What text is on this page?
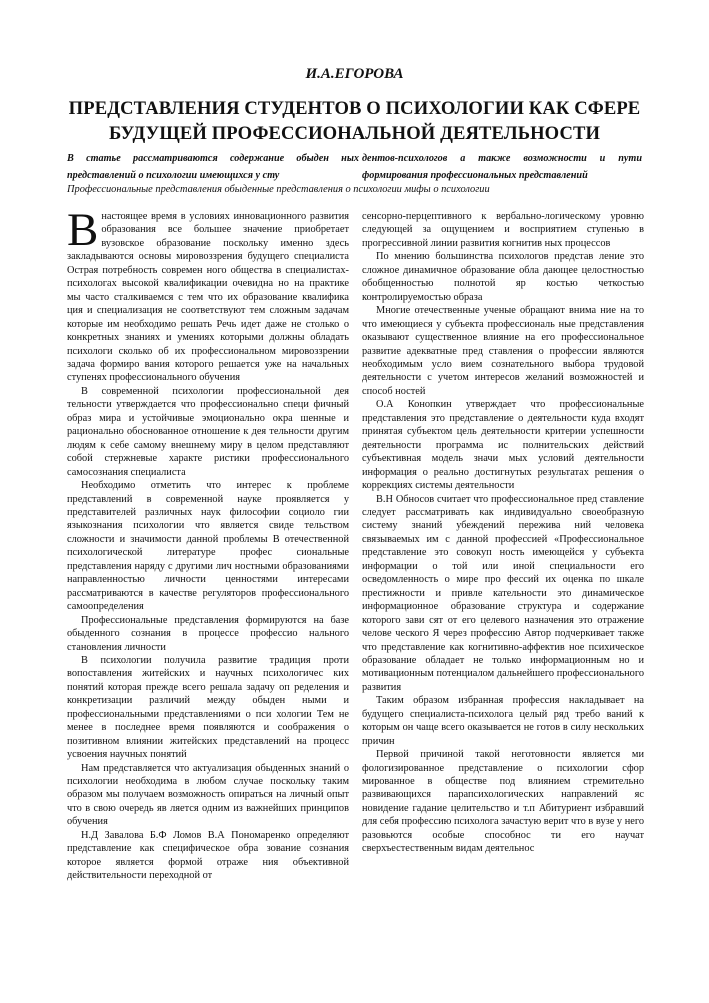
И.А.ЕГОРОВА
ПРЕДСТАВЛЕНИЯ СТУДЕНТОВ О ПСИХОЛОГИИ КАК СФЕРЕ БУДУЩЕЙ ПРОФЕССИОНАЛЬНОЙ ДЕЯТЕЛЬНОСТИ

В статье рассматриваются содержание обыден ных представлений о психологии имеющихся у сту

дентов-психологов а также возможности и пути формирования профессиональных представлений

Профессиональные представления обыденные представления о психологии мифы о психологии

Внастоящее время в условиях инновационного развития образования все большее значение приобретает вузовское образование поскольку именно здесь закладываются основы мировоззрения будущего специалиста Острая потребность современ ного общества в специалистах-психологах высокой квалификации очевидна но на практике мы часто сталкиваемся с тем что их образование квалифика ция и специализация не соответствуют тем сложным задачам которые им необходимо решать Речь идет даже не столько о конкретных знаниях и умениях которыми должны обладать психологи сколько об их профессиональном мировоззрении задача формиро вания которого решается уже на начальных ступенях профессионального обучения

В современной психологии профессиональной дея тельности утверждается что профессионально специ фичный образ мира и устойчивые эмоционально окра шенные и рационально обоснованное отношение к дея тельности другим людям к себе самому внешнему миру в целом представляют собой стержневые характе ристики профессионального самосознания специалиста

Необходимо отметить что интерес к проблеме представлений в современной науке проявляется у представителей различных наук философии социоло гии языкознания психологии что является свиде тельством сложности и значимости данной проблемы В отечественной психологической литературе профес сиональные представления наряду с другими лич ностными образованиями направленностью личности ценностями интересами рассматриваются в качестве регуляторов профессионального самоопределения

Профессиональные представления формируются на базе обыденного сознания в процессе профессио нального становления личности

В психологии получила развитие традиция проти вопоставления житейских и научных психологичес ких понятий которая прежде всего решала задачу оп ределения и конкретизации различий между обыден ными и профессиональными представлениями о пси хологии Тем не менее в последнее время появляются и соображения о позитивном влиянии житейских представлений на процесс усвоения научных понятий

Нам представляется что актуализация обыденных знаний о психологии необходима в любом случае поскольку таким образом мы получаем возможность опираться на личный опыт что в свою очередь яв ляется одним из важнейших принципов обучения

Н.Д Завалова Б.Ф Ломов В.А Пономаренко определяют представление как специфическое обра зование сознания которое является формой отраже ния объективной действительности переходной от

сенсорно-перцептивного к вербально-логическому уровню следующей за ощущением и восприятием ступенью в прогрессивной линии развития когнитив ных процессов

По мнению большинства психологов представ ление это сложное динамичное образование обла дающее целостностью обобщенностью полнотой яр костью четкостью контролируемостью образа

Многие отечественные ученые обращают внима ние на то что имеющиеся у субъекта профессиональ ные представления оказывают существенное влияние на его профессиональное развитие адекватные пред ставления о профессии являются необходимым усло вием сознательного выбора трудовой деятельности с учетом интересов желаний возможностей и способ ностей

О.А Конопкин утверждает что профессиональные представления это представление о деятельности куда входят принятая субъектом цель деятельности критерии успешности деятельности программа ис полнительских действий субъективная модель значи мых условий деятельности информация о реально достигнутых результатах решения о коррекциях системы деятельности

В.Н Обносов считает что профессиональное пред ставление следует рассматривать как индивидуально своеобразную систему знаний убеждений пережива ний человека связываемых им с данной профессией «Профессиональное представление это совокуп ность имеющейся у субъекта информации о той или иной специальности его осведомленность о мире про фессий их оценка по шкале престижности и привле кательности это динамическое информационное образование структура и содержание которого зави сят от его целевого назначения это отражение челове ческого Я через профессию Автор подчеркивает также что представление как когнитивно-аффектив ное психическое образование обладает не только информационным но и мотивационным потенциалом дальнейшего профессионального развития

Таким образом избранная профессия накладывает на будущего специалиста-психолога целый ряд требо ваний к которым он чаще всего оказывается не готов в силу нескольких причин

Первой причиной такой неготовности является ми фологизированное представление о психологии сфор мированное в обществе под влиянием стремительно развивающихся парапсихологических направлений яс новидение гадание целительство и т.п Абитуриент избравший для себя профессию психолога зачастую верит что в вузе у него разовьются особые способнос ти его научат сверхъестественным видам деятельнос
